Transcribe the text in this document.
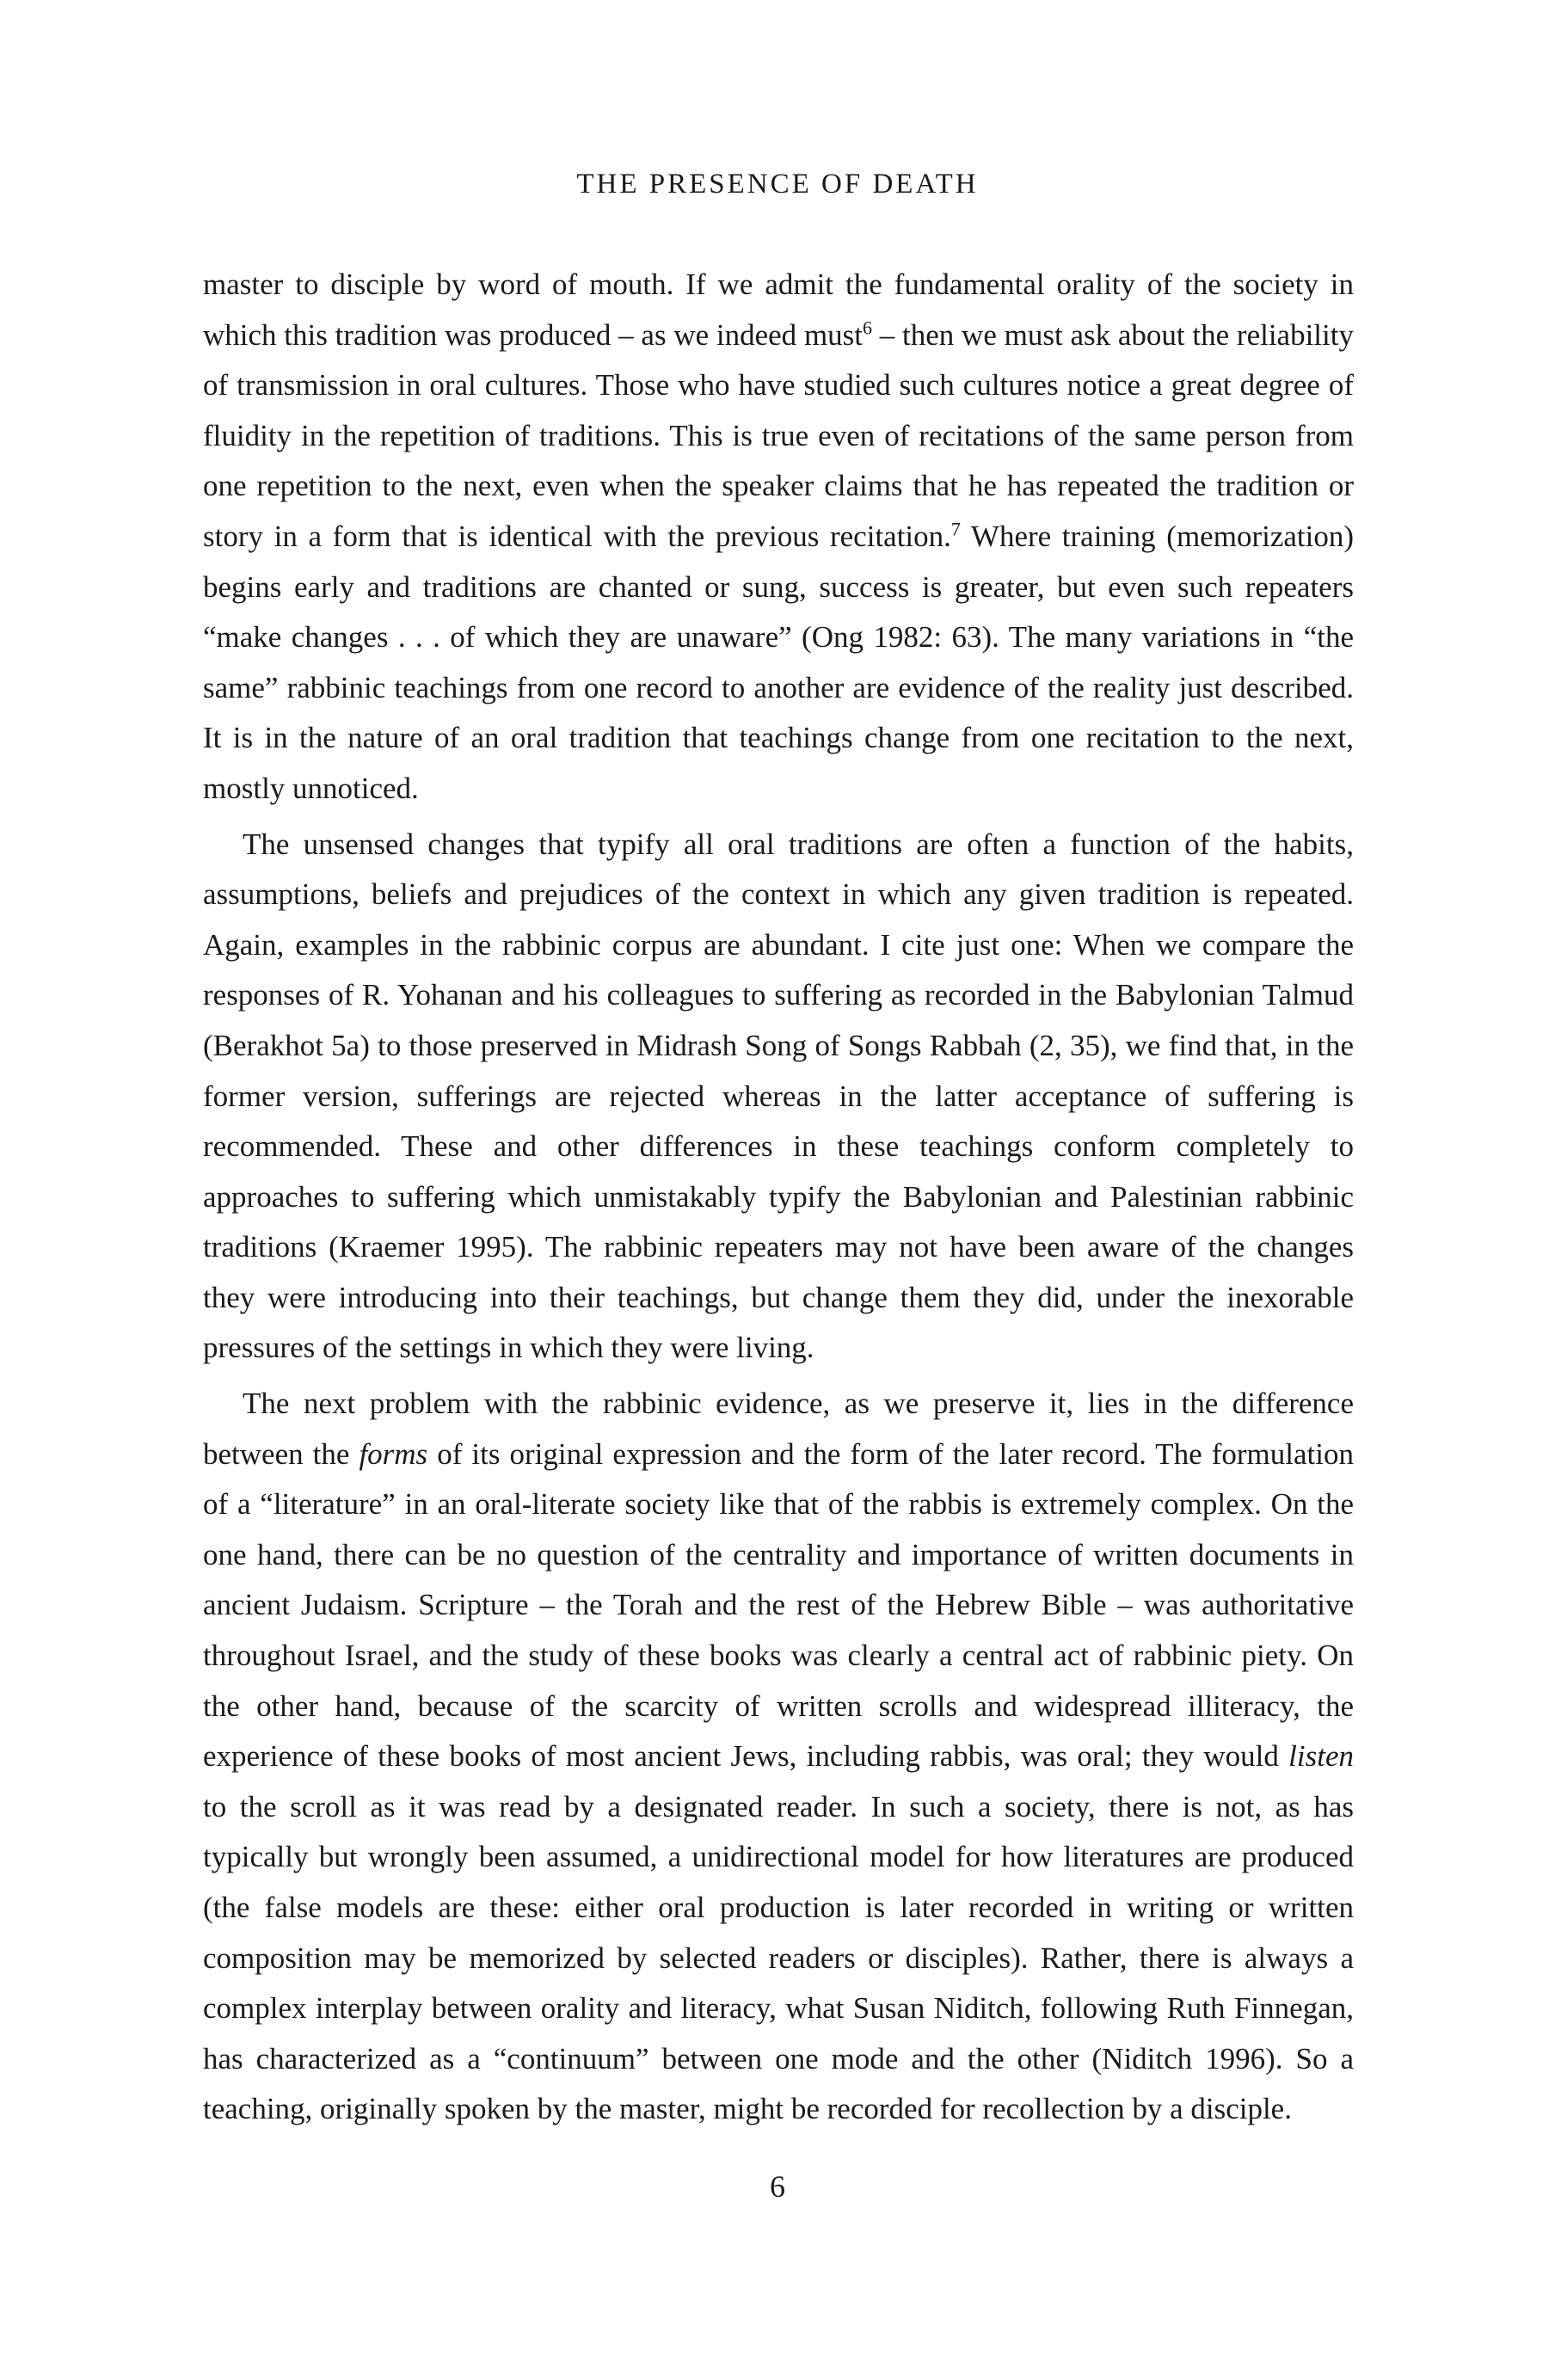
THE PRESENCE OF DEATH

master to disciple by word of mouth. If we admit the fundamental orality of the society in which this tradition was produced – as we indeed must$^6$ – then we must ask about the reliability of transmission in oral cultures. Those who have studied such cultures notice a great degree of fluidity in the repetition of traditions. This is true even of recitations of the same person from one repetition to the next, even when the speaker claims that he has repeated the tradition or story in a form that is identical with the previous recitation.$^7$ Where training (memorization) begins early and traditions are chanted or sung, success is greater, but even such repeaters “make changes . . . of which they are unaware” (Ong 1982: 63). The many variations in “the same” rabbinic teachings from one record to another are evidence of the reality just described. It is in the nature of an oral tradition that teachings change from one recitation to the next, mostly unnoticed.

The unsensed changes that typify all oral traditions are often a function of the habits, assumptions, beliefs and prejudices of the context in which any given tradition is repeated. Again, examples in the rabbinic corpus are abundant. I cite just one: When we compare the responses of R. Yohanan and his colleagues to suffering as recorded in the Babylonian Talmud (Berakhot 5a) to those preserved in Midrash Song of Songs Rabbah (2, 35), we find that, in the former version, sufferings are rejected whereas in the latter acceptance of suffering is recommended. These and other differences in these teachings conform completely to approaches to suffering which unmistakably typify the Babylonian and Palestinian rabbinic traditions (Kraemer 1995). The rabbinic repeaters may not have been aware of the changes they were introducing into their teachings, but change them they did, under the inexorable pressures of the settings in which they were living.

The next problem with the rabbinic evidence, as we preserve it, lies in the difference between the forms of its original expression and the form of the later record. The formulation of a “literature” in an oral-literate society like that of the rabbis is extremely complex. On the one hand, there can be no question of the centrality and importance of written documents in ancient Judaism. Scripture – the Torah and the rest of the Hebrew Bible – was authoritative throughout Israel, and the study of these books was clearly a central act of rabbinic piety. On the other hand, because of the scarcity of written scrolls and widespread illiteracy, the experience of these books of most ancient Jews, including rabbis, was oral; they would listen to the scroll as it was read by a designated reader. In such a society, there is not, as has typically but wrongly been assumed, a unidirectional model for how literatures are produced (the false models are these: either oral production is later recorded in writing or written composition may be memorized by selected readers or disciples). Rather, there is always a complex interplay between orality and literacy, what Susan Niditch, following Ruth Finnegan, has characterized as a “continuum” between one mode and the other (Niditch 1996). So a teaching, originally spoken by the master, might be recorded for recollection by a disciple.

6
